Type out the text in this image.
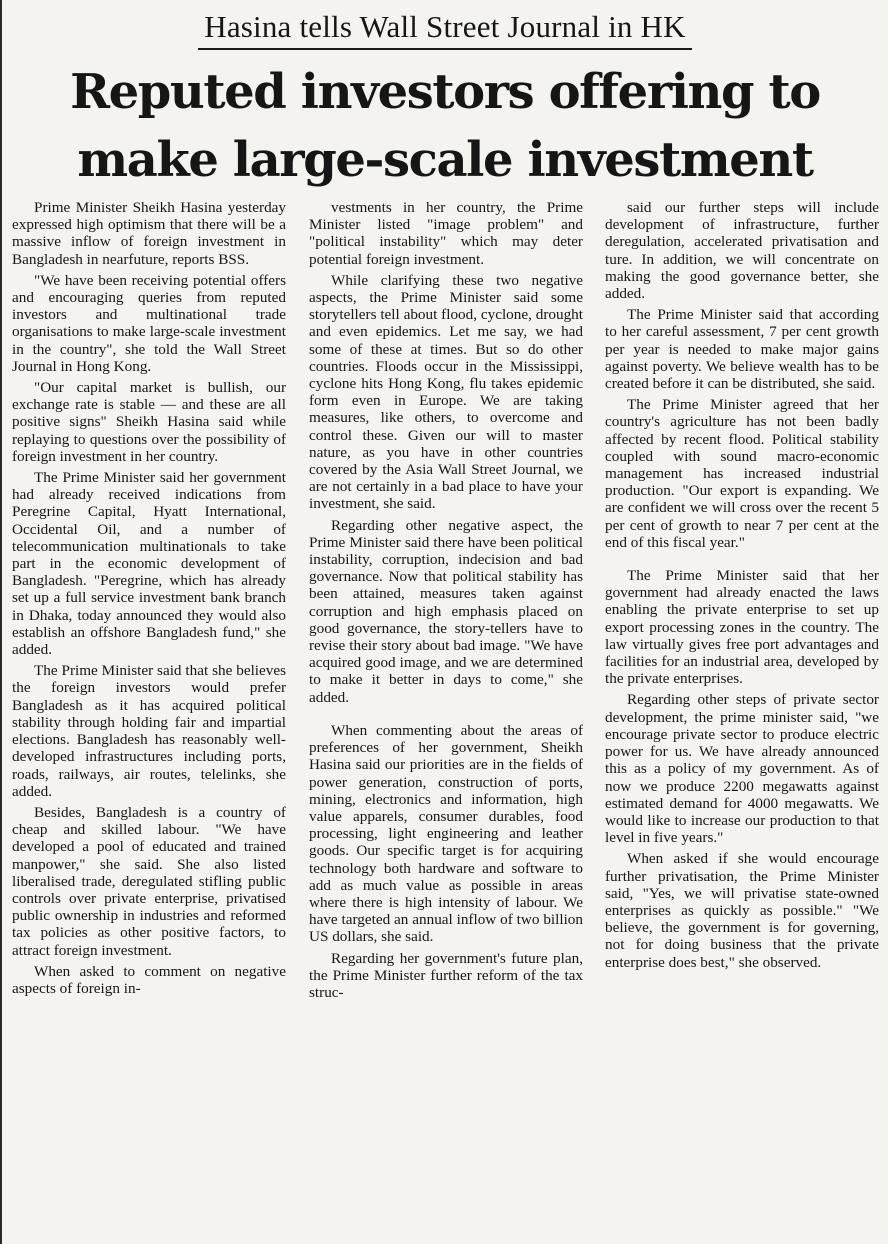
Hasina tells Wall Street Journal in HK
Reputed investors offering to make large-scale investment

Prime Minister Sheikh Hasina yesterday expressed high optimism that there will be a massive inflow of foreign investment in Bangladesh in nearfuture, reports BSS.

"We have been receiving potential offers and encouraging queries from reputed investors and multinational trade organisations to make large-scale investment in the country", she told the Wall Street Journal in Hong Kong.

"Our capital market is bullish, our exchange rate is stable — and these are all positive signs" Sheikh Hasina said while replaying to questions over the possibility of foreign investment in her country.

The Prime Minister said her government had already received indications from Peregrine Capital, Hyatt International, Occidental Oil, and a number of telecommunication multinationals to take part in the economic development of Bangladesh. "Peregrine, which has already set up a full service investment bank branch in Dhaka, today announced they would also establish an offshore Bangladesh fund," she added.

The Prime Minister said that she believes the foreign investors would prefer Bangladesh as it has acquired political stability through holding fair and impartial elections. Bangladesh has reasonably well-developed infrastructures including ports, roads, railways, air routes, telelinks, she added.

Besides, Bangladesh is a country of cheap and skilled labour. "We have developed a pool of educated and trained manpower," she said. She also listed liberalised trade, deregulated stifling public controls over private enterprise, privatised public ownership in industries and reformed tax policies as other positive factors, to attract foreign investment.

When asked to comment on negative aspects of foreign in-

vestments in her country, the Prime Minister listed "image problem" and "political instability" which may deter potential foreign investment.

While clarifying these two negative aspects, the Prime Minister said some storytellers tell about flood, cyclone, drought and even epidemics. Let me say, we had some of these at times. But so do other countries. Floods occur in the Mississippi, cyclone hits Hong Kong, flu takes epidemic form even in Europe. We are taking measures, like others, to overcome and control these. Given our will to master nature, as you have in other countries covered by the Asia Wall Street Journal, we are not certainly in a bad place to have your investment, she said.

Regarding other negative aspect, the Prime Minister said there have been political instability, corruption, indecision and bad governance. Now that political stability has been attained, measures taken against corruption and high emphasis placed on good governance, the story-tellers have to revise their story about bad image. "We have acquired good image, and we are determined to make it better in days to come," she added.

When commenting about the areas of preferences of her government, Sheikh Hasina said our priorities are in the fields of power generation, construction of ports, mining, electronics and information, high value apparels, consumer durables, food processing, light engineering and leather goods. Our specific target is for acquiring technology both hardware and software to add as much value as possible in areas where there is high intensity of labour. We have targeted an annual inflow of two billion US dollars, she said.

Regarding her government's future plan, the Prime Minister further reform of the tax struc-

said our further steps will include development of infrastructure, further deregulation, accelerated privatisation and ture. In addition, we will concentrate on making the good governance better, she added.

The Prime Minister said that according to her careful assessment, 7 per cent growth per year is needed to make major gains against poverty. We believe wealth has to be created before it can be distributed, she said.

The Prime Minister agreed that her country's agriculture has not been badly affected by recent flood. Political stability coupled with sound macro-economic management has increased industrial production. "Our export is expanding. We are confident we will cross over the recent 5 per cent of growth to near 7 per cent at the end of this fiscal year."

The Prime Minister said that her government had already enacted the laws enabling the private enterprise to set up export processing zones in the country. The law virtually gives free port advantages and facilities for an industrial area, developed by the private enterprises.

Regarding other steps of private sector development, the prime minister said, "we encourage private sector to produce electric power for us. We have already announced this as a policy of my government. As of now we produce 2200 megawatts against estimated demand for 4000 megawatts. We would like to increase our production to that level in five years."

When asked if she would encourage further privatisation, the Prime Minister said, "Yes, we will privatise state-owned enterprises as quickly as possible." "We believe, the government is for governing, not for doing business that the private enterprise does best," she observed.
